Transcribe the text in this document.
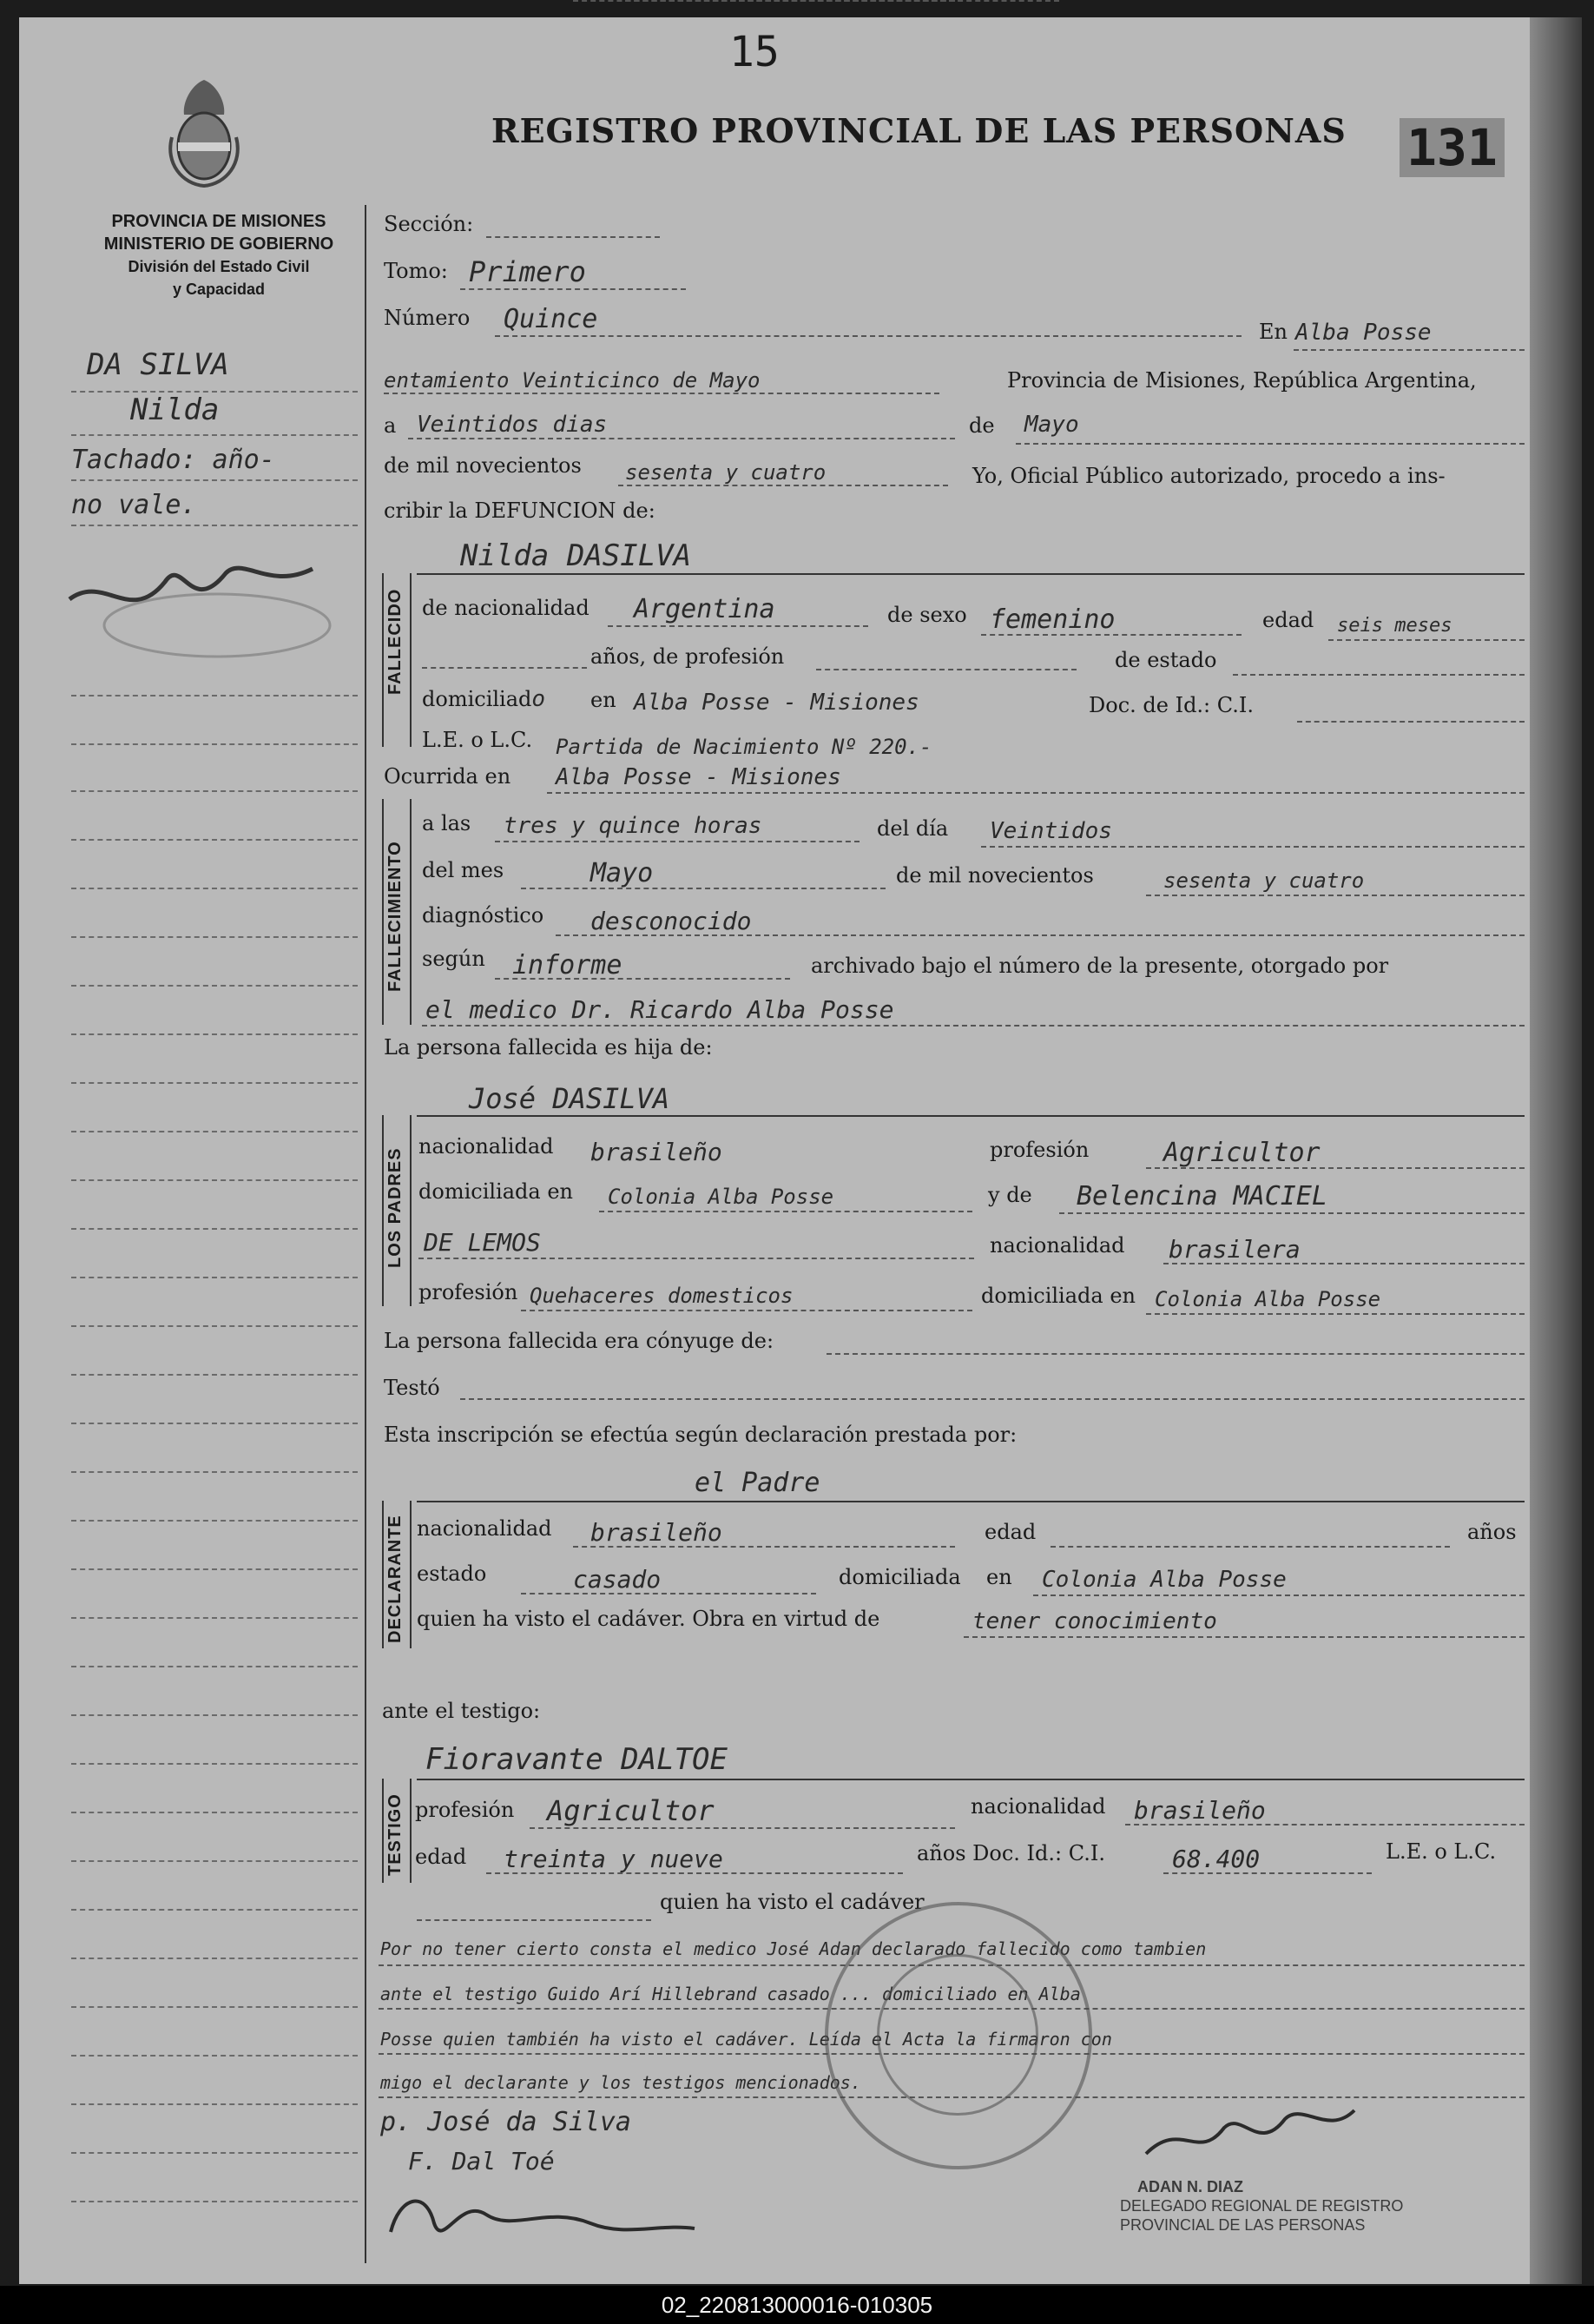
15
REGISTRO PROVINCIAL DE LAS PERSONAS 131
PROVINCIA DE MISIONES
MINISTERIO DE GOBIERNO
División del Estado Civil
y Capacidad
DA SILVA
Nilda
Tachado: año-
no vale.
Sección:
Tomo: Primero
Número Quince	En Alba Posse
entamiento Veinticinco de Mayo	Provincia de Misiones, República Argentina,
a Veintidos dias	de Mayo
de mil novecientos sesenta y cuatro	Yo, Oficial Público autorizado, procedo a ins-
cribir la DEFUNCION de:
FALLECIDO
Nilda DASILVA
de nacionalidad Argentina	de sexo femenino	edad seis meses
años, de profesión	de estado
domiciliado en Alba Posse - Misiones	Doc. de Id.: C.I.
L.E. o L.C. Partida de Nacimiento Nº 220.-
Ocurrida en Alba Posse - Misiones
FALLECIMIENTO
a las tres y quince horas	del día Veintidos
del mes	Mayo	de mil novecientos	sesenta y cuatro
diagnóstico desconocido
según informe	archivado bajo el número de la presente, otorgado por
el medico Dr. Ricardo Alba Posse
La persona fallecida es hija de:
José DASILVA
LOS PADRES
nacionalidad brasileño	profesión	Agricultor
domiciliada en Colonia Alba Posse	y de Belencina MACIEL
DE LEMOS	nacionalidad brasilera
profesión Quehaceres domesticos	domiciliada en Colonia Alba Posse
La persona fallecida era cónyuge de:
Testó
Esta inscripción se efectúa según declaración prestada por:
el Padre
DECLARANTE nacionalidad brasileño	edad	años
estado	casado	domiciliada en Colonia Alba Posse
quien ha visto el cadáver. Obra en virtud de	tener conocimiento
ante el testigo:
Fioravante DALTOE
TESTIGO profesión Agricultor	nacionalidad brasileño
edad treinta y nueve	años Doc. Id.: C.I.	68.400	L.E. o L.C.
quien ha visto el cadáver
Por no tener cierto consta el medico José Adan declarado fallecido como tambien
ante el testigo Guido Arí Hillebrand casado ... domiciliado en Alba
Posse quien también ha visto el cadáver. Leída el Acta la firmaron con
migo el declarante y los testigos mencionados.
p. José da Silva
F. Dal Toé
ADAN N. DIAZ
DELEGADO REGIONAL DE REGISTRO
PROVINCIAL DE LAS PERSONAS
02_220813000016-010305
